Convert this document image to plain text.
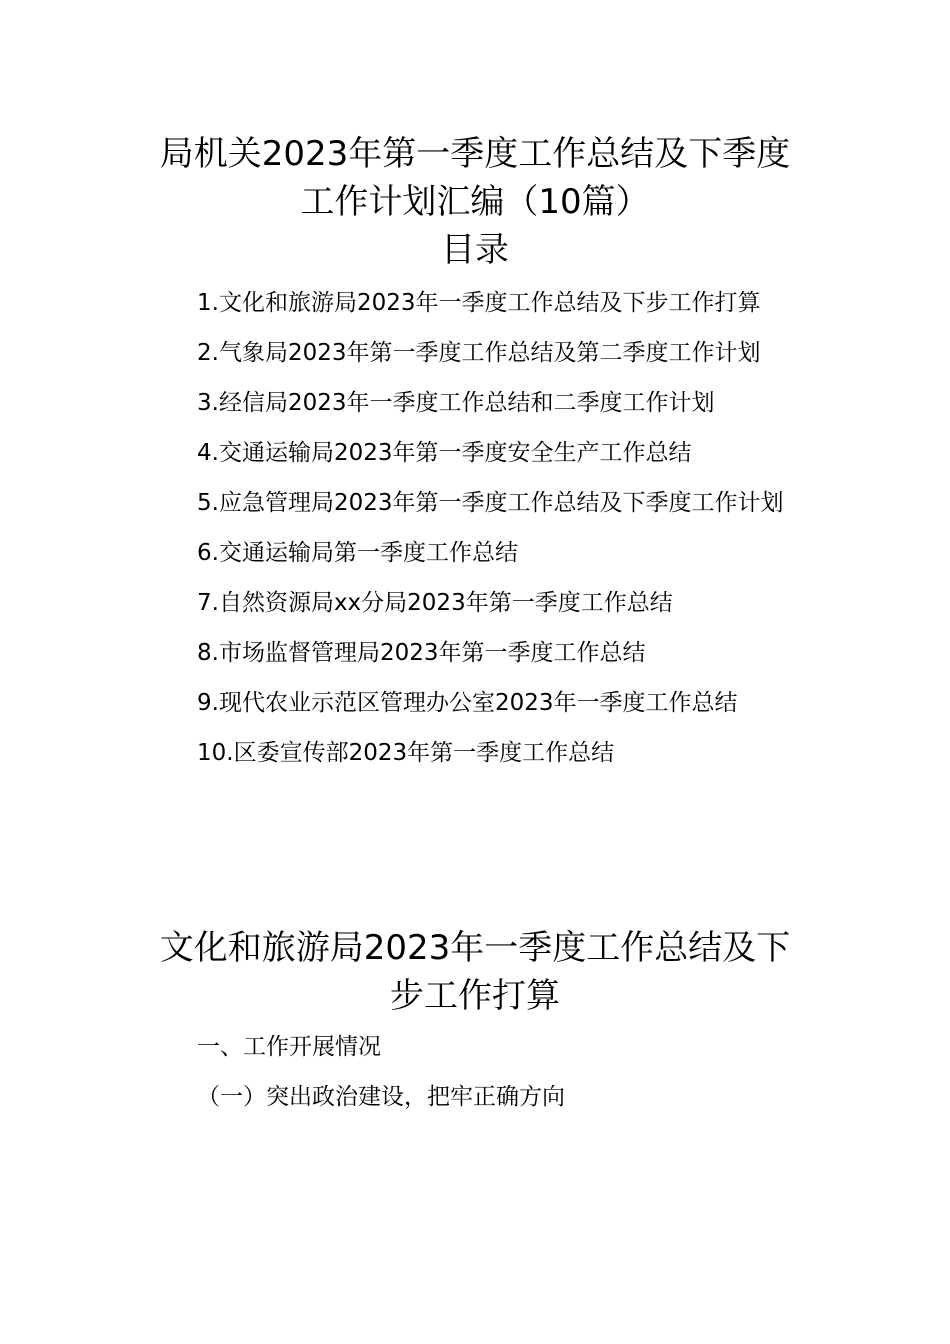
局机关2023年第一季度工作总结及下季度
工作计划汇编（10篇）
目录
1.文化和旅游局2023年一季度工作总结及下步工作打算
2.气象局2023年第一季度工作总结及第二季度工作计划
3.经信局2023年一季度工作总结和二季度工作计划
4.交通运输局2023年第一季度安全生产工作总结
5.应急管理局2023年第一季度工作总结及下季度工作计划
6.交通运输局第一季度工作总结
7.自然资源局xx分局2023年第一季度工作总结
8.市场监督管理局2023年第一季度工作总结
9.现代农业示范区管理办公室2023年一季度工作总结
10.区委宣传部2023年第一季度工作总结
文化和旅游局2023年一季度工作总结及下
步工作打算

一、工作开展情况

（一）突出政治建设，把牢正确方向
